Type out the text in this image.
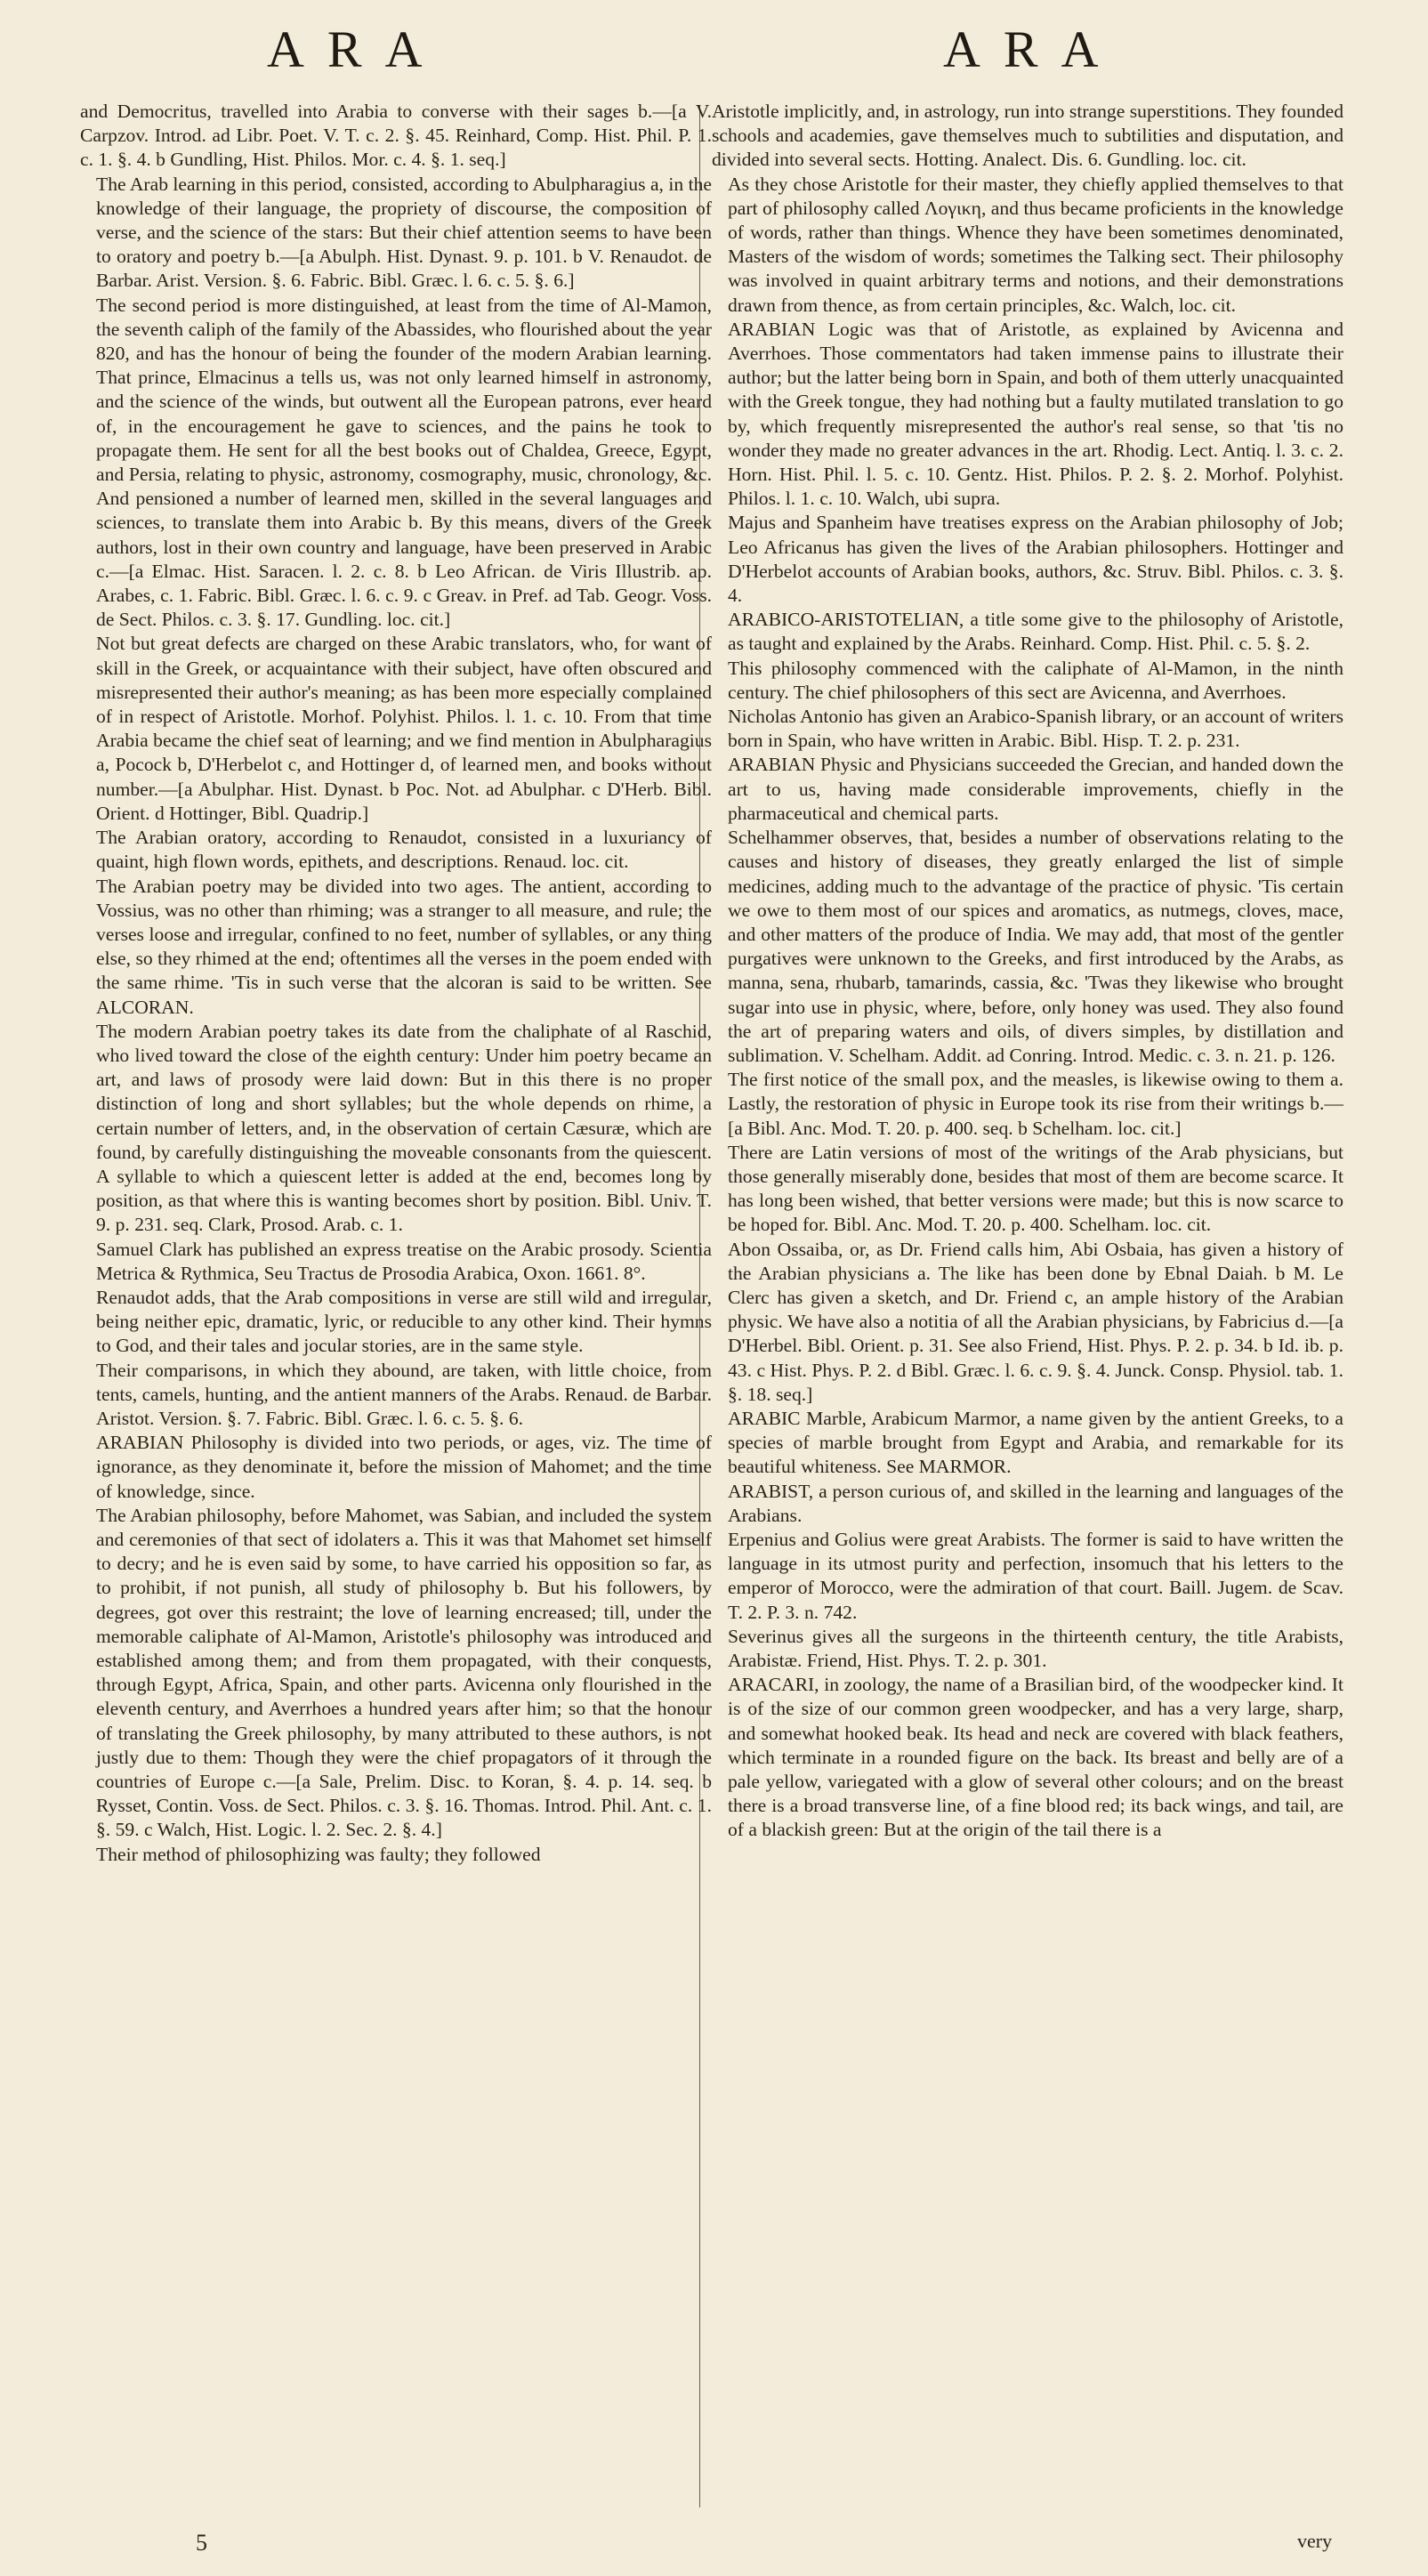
ARA	ARA

and Democritus, travelled into Arabia to converse with their sages b.—[a V. Carpzov. Introd. ad Libr. Poet. V. T. c. 2. §. 45. Reinhard, Comp. Hist. Phil. P. 1. c. 1. §. 4. b Gundling, Hist. Philos. Mor. c. 4. §. 1. seq.]

The Arab learning in this period, consisted, according to Abulpharagius a, in the knowledge of their language, the propriety of discourse, the composition of verse, and the science of the stars: But their chief attention seems to have been to oratory and poetry b.—[a Abulph. Hist. Dynast. 9. p. 101. b V. Renaudot. de Barbar. Arist. Version. §. 6. Fabric. Bibl. Græc. l. 6. c. 5. §. 6.]

The second period is more distinguished, at least from the time of Al-Mamon, the seventh caliph of the family of the Abassides, who flourished about the year 820, and has the honour of being the founder of the modern Arabian learning. That prince, Elmacinus a tells us, was not only learned himself in astronomy, and the science of the winds, but outwent all the European patrons, ever heard of, in the encouragement he gave to sciences, and the pains he took to propagate them. He sent for all the best books out of Chaldea, Greece, Egypt, and Persia, relating to physic, astronomy, cosmography, music, chronology, &c. And pensioned a number of learned men, skilled in the several languages and sciences, to translate them into Arabic b. By this means, divers of the Greek authors, lost in their own country and language, have been preserved in Arabic c.—[a Elmac. Hist. Saracen. l. 2. c. 8. b Leo African. de Viris Illustrib. ap. Arabes, c. 1. Fabric. Bibl. Græc. l. 6. c. 9. c Greav. in Pref. ad Tab. Geogr. Voss. de Sect. Philos. c. 3. §. 17. Gundling. loc. cit.]

Not but great defects are charged on these Arabic translators, who, for want of skill in the Greek, or acquaintance with their subject, have often obscured and misrepresented their author's meaning; as has been more especially complained of in respect of Aristotle. Morhof. Polyhist. Philos. l. 1. c. 10. From that time Arabia became the chief seat of learning; and we find mention in Abulpharagius a, Pocock b, D'Herbelot c, and Hottinger d, of learned men, and books without number.—[a Abulphar. Hist. Dynast. b Poc. Not. ad Abulphar. c D'Herb. Bibl. Orient. d Hottinger, Bibl. Quadrip.]

The Arabian oratory, according to Renaudot, consisted in a luxuriancy of quaint, high flown words, epithets, and descriptions. Renaud. loc. cit.

The Arabian poetry may be divided into two ages. The antient, according to Vossius, was no other than rhiming; was a stranger to all measure, and rule; the verses loose and irregular, confined to no feet, number of syllables, or any thing else, so they rhimed at the end; oftentimes all the verses in the poem ended with the same rhime. 'Tis in such verse that the alcoran is said to be written. See ALCORAN.

The modern Arabian poetry takes its date from the chaliphate of al Raschid, who lived toward the close of the eighth century: Under him poetry became an art, and laws of prosody were laid down: But in this there is no proper distinction of long and short syllables; but the whole depends on rhime, a certain number of letters, and, in the observation of certain Cæsuræ, which are found, by carefully distinguishing the moveable consonants from the quiescent. A syllable to which a quiescent letter is added at the end, becomes long by position, as that where this is wanting becomes short by position. Bibl. Univ. T. 9. p. 231. seq. Clark, Prosod. Arab. c. 1.

Samuel Clark has published an express treatise on the Arabic prosody. Scientia Metrica & Rythmica, Seu Tractus de Prosodia Arabica, Oxon. 1661. 8°.

Renaudot adds, that the Arab compositions in verse are still wild and irregular, being neither epic, dramatic, lyric, or reducible to any other kind. Their hymns to God, and their tales and jocular stories, are in the same style.

Their comparisons, in which they abound, are taken, with little choice, from tents, camels, hunting, and the antient manners of the Arabs. Renaud. de Barbar. Aristot. Version. §. 7. Fabric. Bibl. Græc. l. 6. c. 5. §. 6.

ARABIAN Philosophy is divided into two periods, or ages, viz. The time of ignorance, as they denominate it, before the mission of Mahomet; and the time of knowledge, since.

The Arabian philosophy, before Mahomet, was Sabian, and included the system and ceremonies of that sect of idolaters a. This it was that Mahomet set himself to decry; and he is even said by some, to have carried his opposition so far, as to prohibit, if not punish, all study of philosophy b. But his followers, by degrees, got over this restraint; the love of learning encreased; till, under the memorable caliphate of Al-Mamon, Aristotle's philosophy was introduced and established among them; and from them propagated, with their conquests, through Egypt, Africa, Spain, and other parts. Avicenna only flourished in the eleventh century, and Averrhoes a hundred years after him; so that the honour of translating the Greek philosophy, by many attributed to these authors, is not justly due to them: Though they were the chief propagators of it through the countries of Europe c.—[a Sale, Prelim. Disc. to Koran, §. 4. p. 14. seq. b Rysset, Contin. Voss. de Sect. Philos. c. 3. §. 16. Thomas. Introd. Phil. Ant. c. 1. §. 59. c Walch, Hist. Logic. l. 2. Sec. 2. §. 4.]

Their method of philosophizing was faulty; they followed

Aristotle implicitly, and, in astrology, run into strange superstitions. They founded schools and academies, gave themselves much to subtilities and disputation, and divided into several sects. Hotting. Analect. Dis. 6. Gundling. loc. cit.

As they chose Aristotle for their master, they chiefly applied themselves to that part of philosophy called Λογικη, and thus became proficients in the knowledge of words, rather than things. Whence they have been sometimes denominated, Masters of the wisdom of words; sometimes the Talking sect. Their philosophy was involved in quaint arbitrary terms and notions, and their demonstrations drawn from thence, as from certain principles, &c. Walch, loc. cit.

ARABIAN Logic was that of Aristotle, as explained by Avicenna and Averrhoes. Those commentators had taken immense pains to illustrate their author; but the latter being born in Spain, and both of them utterly unacquainted with the Greek tongue, they had nothing but a faulty mutilated translation to go by, which frequently misrepresented the author's real sense, so that 'tis no wonder they made no greater advances in the art. Rhodig. Lect. Antiq. l. 3. c. 2. Horn. Hist. Phil. l. 5. c. 10. Gentz. Hist. Philos. P. 2. §. 2. Morhof. Polyhist. Philos. l. 1. c. 10. Walch, ubi supra.

Majus and Spanheim have treatises express on the Arabian philosophy of Job; Leo Africanus has given the lives of the Arabian philosophers. Hottinger and D'Herbelot accounts of Arabian books, authors, &c. Struv. Bibl. Philos. c. 3. §. 4.

ARABICO-ARISTOTELIAN, a title some give to the philosophy of Aristotle, as taught and explained by the Arabs. Reinhard. Comp. Hist. Phil. c. 5. §. 2.

This philosophy commenced with the caliphate of Al-Mamon, in the ninth century. The chief philosophers of this sect are Avicenna, and Averrhoes.

Nicholas Antonio has given an Arabico-Spanish library, or an account of writers born in Spain, who have written in Arabic. Bibl. Hisp. T. 2. p. 231.

ARABIAN Physic and Physicians succeeded the Grecian, and handed down the art to us, having made considerable improvements, chiefly in the pharmaceutical and chemical parts.

Schelhammer observes, that, besides a number of observations relating to the causes and history of diseases, they greatly enlarged the list of simple medicines, adding much to the advantage of the practice of physic. 'Tis certain we owe to them most of our spices and aromatics, as nutmegs, cloves, mace, and other matters of the produce of India. We may add, that most of the gentler purgatives were unknown to the Greeks, and first introduced by the Arabs, as manna, sena, rhubarb, tamarinds, cassia, &c. 'Twas they likewise who brought sugar into use in physic, where, before, only honey was used. They also found the art of preparing waters and oils, of divers simples, by distillation and sublimation. V. Schelham. Addit. ad Conring. Introd. Medic. c. 3. n. 21. p. 126.

The first notice of the small pox, and the measles, is likewise owing to them a. Lastly, the restoration of physic in Europe took its rise from their writings b.—[a Bibl. Anc. Mod. T. 20. p. 400. seq. b Schelham. loc. cit.]

There are Latin versions of most of the writings of the Arab physicians, but those generally miserably done, besides that most of them are become scarce. It has long been wished, that better versions were made; but this is now scarce to be hoped for. Bibl. Anc. Mod. T. 20. p. 400. Schelham. loc. cit.

Abon Ossaiba, or, as Dr. Friend calls him, Abi Osbaia, has given a history of the Arabian physicians a. The like has been done by Ebnal Daiah. b M. Le Clerc has given a sketch, and Dr. Friend c, an ample history of the Arabian physic. We have also a notitia of all the Arabian physicians, by Fabricius d.—[a D'Herbel. Bibl. Orient. p. 31. See also Friend, Hist. Phys. P. 2. p. 34. b Id. ib. p. 43. c Hist. Phys. P. 2. d Bibl. Græc. l. 6. c. 9. §. 4. Junck. Consp. Physiol. tab. 1. §. 18. seq.]

ARABIC Marble, Arabicum Marmor, a name given by the antient Greeks, to a species of marble brought from Egypt and Arabia, and remarkable for its beautiful whiteness. See MARMOR.

ARABIST, a person curious of, and skilled in the learning and languages of the Arabians.

Erpenius and Golius were great Arabists. The former is said to have written the language in its utmost purity and perfection, insomuch that his letters to the emperor of Morocco, were the admiration of that court. Baill. Jugem. de Scav. T. 2. P. 3. n. 742.

Severinus gives all the surgeons in the thirteenth century, the title Arabists, Arabistæ. Friend, Hist. Phys. T. 2. p. 301.

ARACARI, in zoology, the name of a Brasilian bird, of the woodpecker kind. It is of the size of our common green woodpecker, and has a very large, sharp, and somewhat hooked beak. Its head and neck are covered with black feathers, which terminate in a rounded figure on the back. Its breast and belly are of a pale yellow, variegated with a glow of several other colours; and on the breast there is a broad transverse line, of a fine blood red; its back wings, and tail, are of a blackish green: But at the origin of the tail there is a

5	very
